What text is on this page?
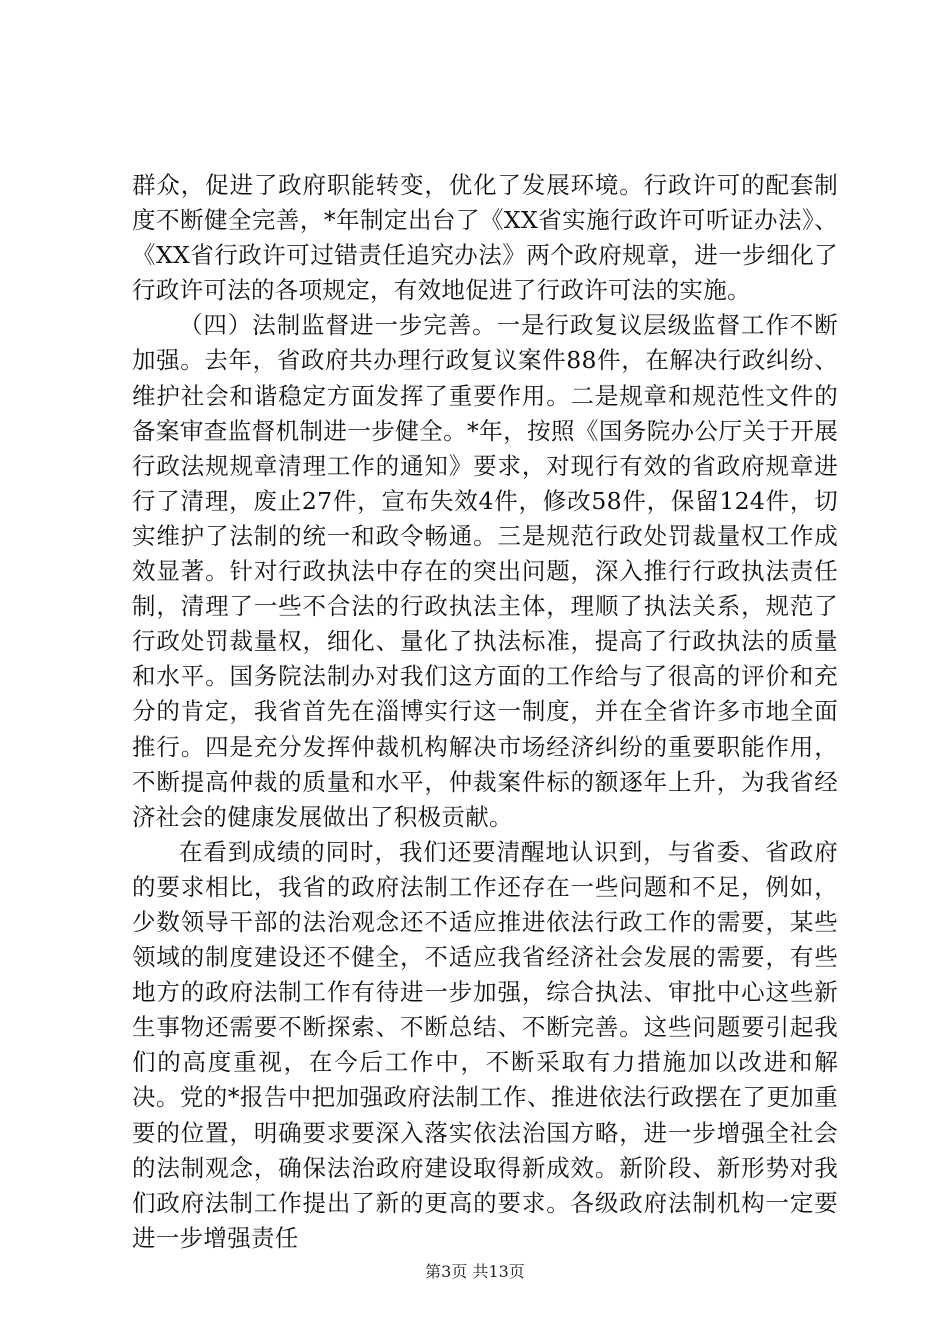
群众，促进了政府职能转变，优化了发展环境。行政许可的配套制度不断健全完善，*年制定出台了《XX省实施行政许可听证办法》、《XX省行政许可过错责任追究办法》两个政府规章，进一步细化了行政许可法的各项规定，有效地促进了行政许可法的实施。

（四）法制监督进一步完善。一是行政复议层级监督工作不断加强。去年，省政府共办理行政复议案件88件，在解决行政纠纷、维护社会和谐稳定方面发挥了重要作用。二是规章和规范性文件的备案审查监督机制进一步健全。*年，按照《国务院办公厅关于开展行政法规规章清理工作的通知》要求，对现行有效的省政府规章进行了清理，废止27件，宣布失效4件，修改58件，保留124件，切实维护了法制的统一和政令畅通。三是规范行政处罚裁量权工作成效显著。针对行政执法中存在的突出问题，深入推行行政执法责任制，清理了一些不合法的行政执法主体，理顺了执法关系，规范了行政处罚裁量权，细化、量化了执法标准，提高了行政执法的质量和水平。国务院法制办对我们这方面的工作给与了很高的评价和充分的肯定，我省首先在淄博实行这一制度，并在全省许多市地全面推行。四是充分发挥仲裁机构解决市场经济纠纷的重要职能作用，不断提高仲裁的质量和水平，仲裁案件标的额逐年上升，为我省经济社会的健康发展做出了积极贡献。

在看到成绩的同时，我们还要清醒地认识到，与省委、省政府的要求相比，我省的政府法制工作还存在一些问题和不足，例如，少数领导干部的法治观念还不适应推进依法行政工作的需要，某些领域的制度建设还不健全，不适应我省经济社会发展的需要，有些地方的政府法制工作有待进一步加强，综合执法、审批中心这些新生事物还需要不断探索、不断总结、不断完善。这些问题要引起我们的高度重视，在今后工作中，不断采取有力措施加以改进和解决。党的*报告中把加强政府法制工作、推进依法行政摆在了更加重要的位置，明确要求要深入落实依法治国方略，进一步增强全社会的法制观念，确保法治政府建设取得新成效。新阶段、新形势对我们政府法制工作提出了新的更高的要求。各级政府法制机构一定要进一步增强责任

第3页 共13页
